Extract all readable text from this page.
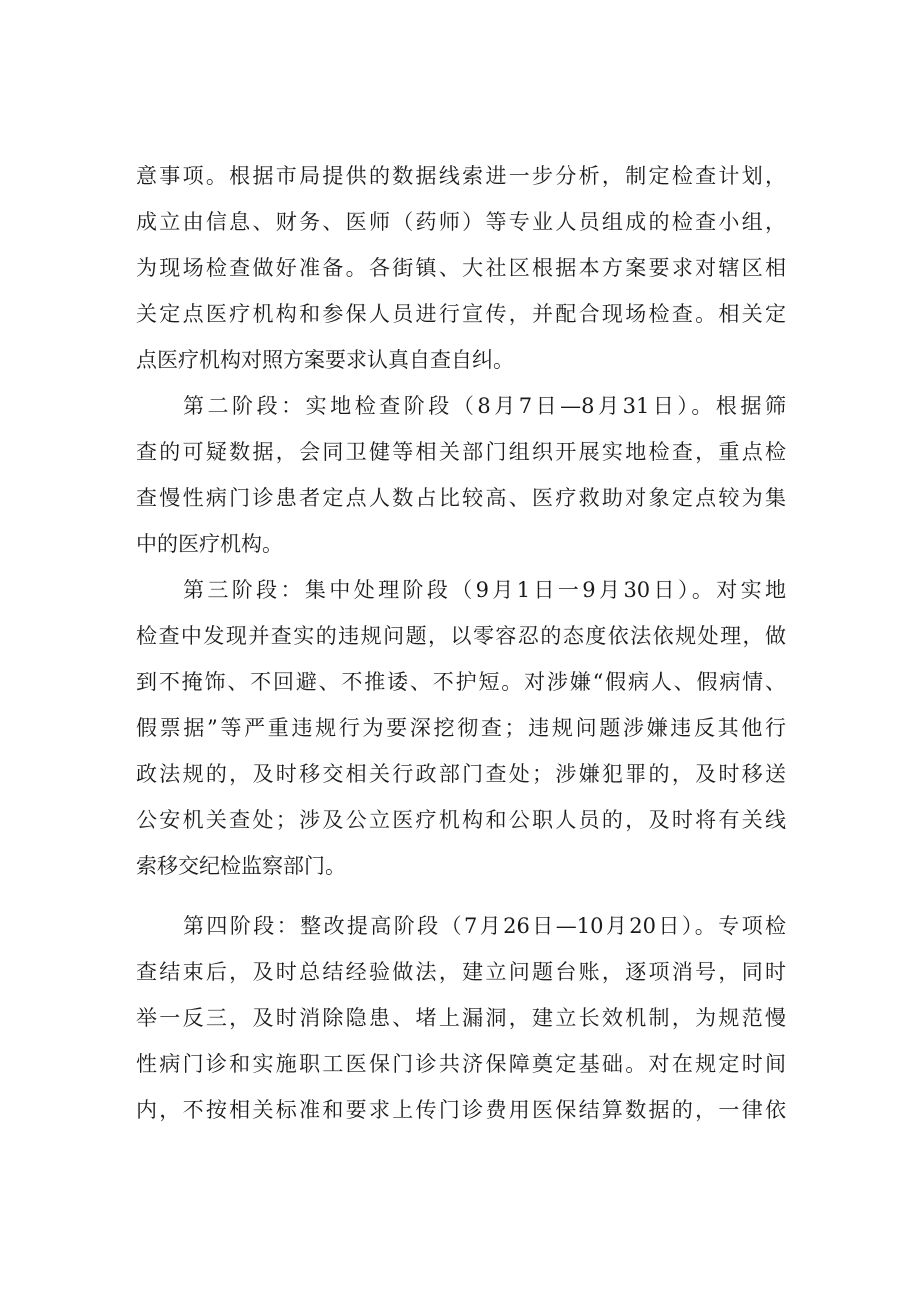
意事项。根据市局提供的数据线索进一步分析，制定检查计划，
成立由信息、财务、医师（药师）等专业人员组成的检查小组，
为现场检查做好准备。各街镇、大社区根据本方案要求对辖区相
关定点医疗机构和参保人员进行宣传，并配合现场检查。相关定
点医疗机构对照方案要求认真自查自纠。
第二阶段：实地检查阶段（8月7日—8月31日）。根据筛
查的可疑数据，会同卫健等相关部门组织开展实地检查，重点检
查慢性病门诊患者定点人数占比较高、医疗救助对象定点较为集
中的医疗机构。
第三阶段：集中处理阶段（9月1日一9月30日）。对实地
检查中发现并查实的违规问题，以零容忍的态度依法依规处理，做
到不掩饰、不回避、不推诿、不护短。对涉嫌“假病人、假病情、
假票据”等严重违规行为要深挖彻查；违规问题涉嫌违反其他行
政法规的，及时移交相关行政部门查处；涉嫌犯罪的，及时移送
公安机关查处；涉及公立医疗机构和公职人员的，及时将有关线
索移交纪检监察部门。
第四阶段：整改提高阶段（7月26日—10月20日）。专项检
查结束后，及时总结经验做法，建立问题台账，逐项消号，同时
举一反三，及时消除隐患、堵上漏洞，建立长效机制，为规范慢
性病门诊和实施职工医保门诊共济保障奠定基础。对在规定时间
内，不按相关标准和要求上传门诊费用医保结算数据的，一律依
